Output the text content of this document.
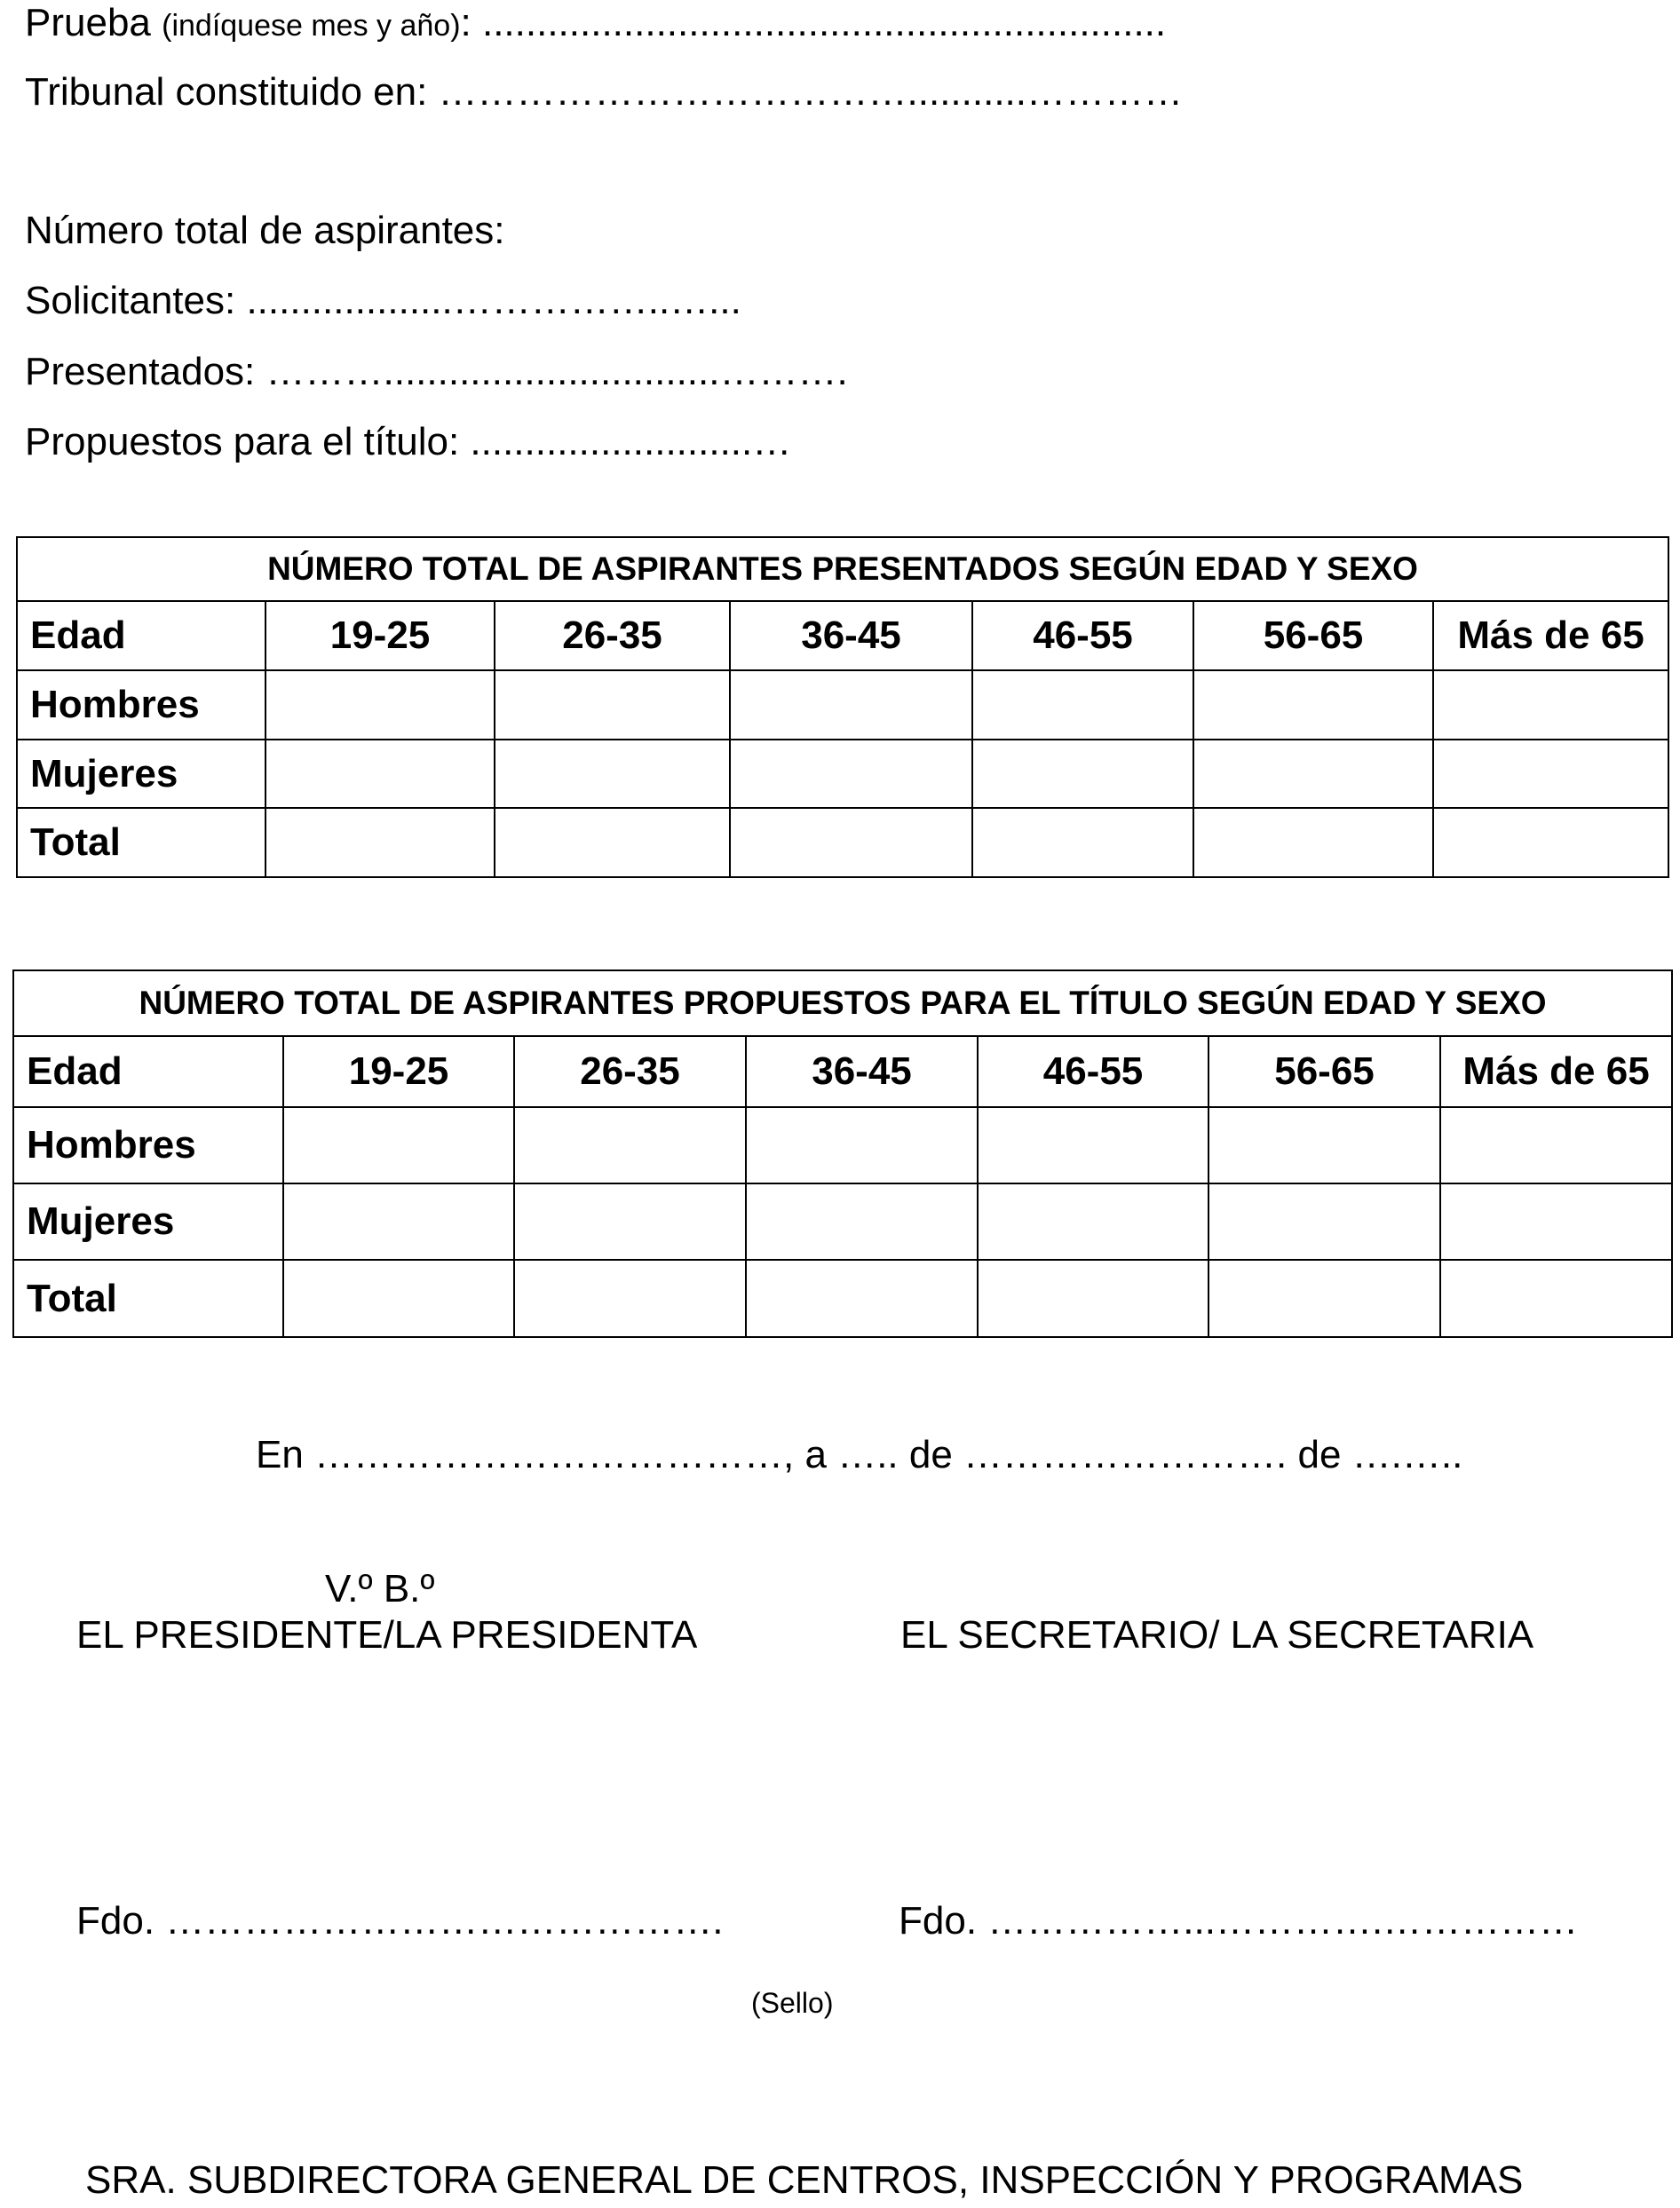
Prueba (indíquese mes y año): ...............................................................
Tribunal constituido en: ………………………………...........…………
Número total de aspirantes:
Solicitantes: ...................……………..…...
Presentados: ………...............................……….
Propuestos para el título: ..........................…
NÚMERO TOTAL DE ASPIRANTES PRESENTADOS SEGÚN EDAD Y SEXO						
Edad	19-25	26-35	36-45	46-55	56-65	Más de 65
Hombres						
Mujeres						
Total						
NÚMERO TOTAL DE ASPIRANTES PROPUESTOS PARA EL TÍTULO SEGÚN EDAD Y SEXO						
Edad	19-25	26-35	36-45	46-55	56-65	Más de 65
Hombres						
Mujeres						
Total						
En ………………………………, a ….. de ……………………. de ….…..
V.º B.º
EL PRESIDENTE/LA PRESIDENTA	EL SECRETARIO/ LA SECRETARIA
Fdo. …………………………………….	Fdo. ……………...………….……………
(Sello)
SRA. SUBDIRECTORA GENERAL DE CENTROS, INSPECCIÓN Y PROGRAMAS
